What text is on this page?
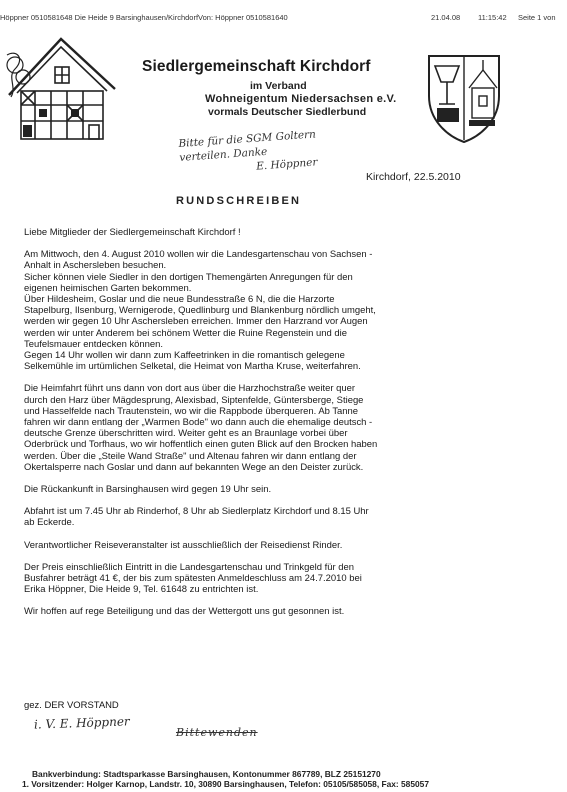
Höppner 0510581648 Die Heide 9 Barsinghausen/KirchdorfVon: Höppner 0510581640	21.04.08 11:15:42 Seite 1 von
Siedlergemeinschaft Kirchdorf
im Verband
Wohneigentum Niedersachsen e.V.
vormals Deutscher Siedlerbund
Bitte für die SGM Goltern
verteilen. Danke
E. Höppner
Kirchdorf, 22.5.2010
RUNDSCHREIBEN

Liebe Mitglieder der Siedlergemeinschaft Kirchdorf !

Am Mittwoch, den 4. August 2010 wollen wir die Landesgartenschau von Sachsen -

Anhalt in Aschersleben besuchen.

Sicher können viele Siedler in den dortigen Themengärten Anregungen für den

eigenen heimischen Garten bekommen.

Über Hildesheim, Goslar und die neue Bundesstraße 6 N, die die Harzorte

Stapelburg, Ilsenburg, Wernigerode, Quedlinburg und Blankenburg nördlich umgeht,

werden wir gegen 10 Uhr Aschersleben erreichen. Immer den Harzrand vor Augen

werden wir unter Anderem bei schönem Wetter die Ruine Regenstein und die

Teufelsmauer entdecken können.

Gegen 14 Uhr wollen wir dann zum Kaffeetrinken in die romantisch gelegene

Selkemühle im urtümlichen Selketal, die Heimat von Martha Kruse, weiterfahren.

Die Heimfahrt führt uns dann von dort aus über die Harzhochstraße weiter quer

durch den Harz über Mägdesprung, Alexisbad, Siptenfelde, Güntersberge, Stiege

und Hasselfelde nach Trautenstein, wo wir die Rappbode überqueren. Ab Tanne

fahren wir dann entlang der „Warmen Bode" wo dann auch die ehemalige deutsch -

deutsche Grenze überschritten wird. Weiter geht es an Braunlage vorbei über

Oderbrück und Torfhaus, wo wir hoffentlich einen guten Blick auf den Brocken haben

werden. Über die „Steile Wand Straße" und Altenau fahren wir dann entlang der

Okertalsperre nach Goslar und dann auf bekannten Wege an den Deister zurück.

Die Rückankunft in Barsinghausen wird gegen 19 Uhr sein.

Abfahrt ist um 7.45 Uhr ab Rinderhof, 8 Uhr ab Siedlerplatz Kirchdorf und 8.15 Uhr

ab Eckerde.

Verantwortlicher Reiseveranstalter ist ausschließlich der Reisedienst Rinder.

Der Preis einschließlich Eintritt in die Landesgartenschau und Trinkgeld für den

Busfahrer beträgt 41 €, der bis zum spätesten Anmeldeschluss am 24.7.2010 bei

Erika Höppner, Die Heide 9, Tel. 61648 zu entrichten ist.

Wir hoffen auf rege Beteiligung und das der Wettergott uns gut gesonnen ist.

gez. DER VORSTAND
i. V. E. Höppner
Bittewenden
Bankverbindung: Stadtsparkasse Barsinghausen, Kontonummer 867789, BLZ 25151270
1. Vorsitzender: Holger Karnop, Landstr. 10, 30890 Barsinghausen, Telefon: 05105/585058, Fax: 585057
